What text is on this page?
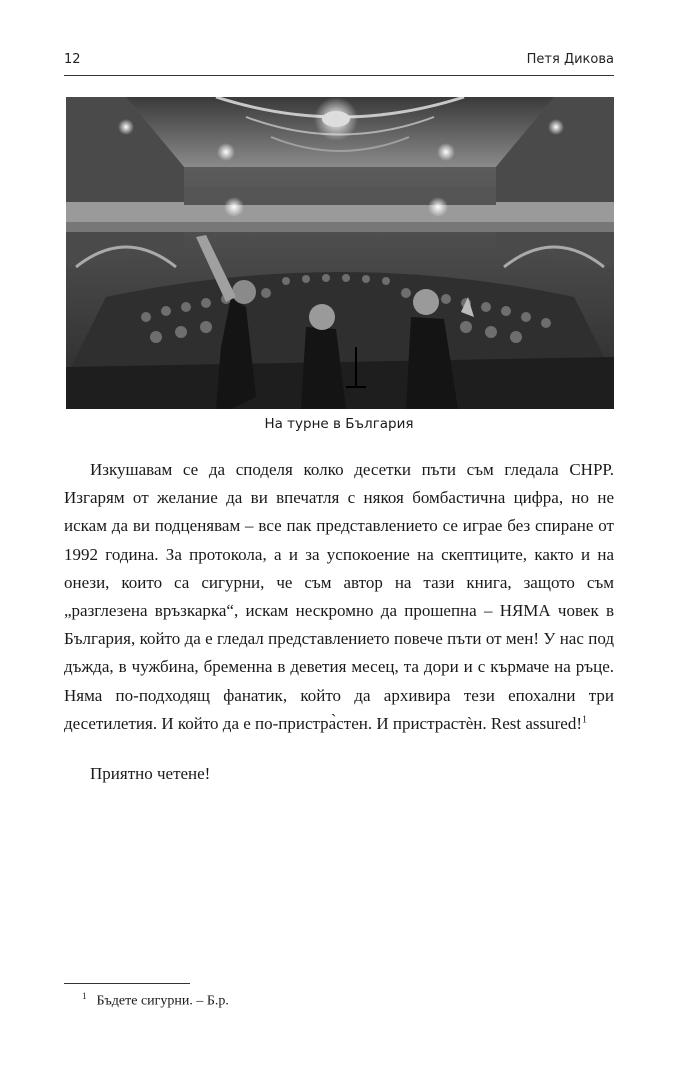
12	Петя Дикова
На турне в България

Изкушавам се да споделя колко десетки пъти съм гледала СНРР. Изгарям от желание да ви впечатля с някоя бомбастична цифра, но не искам да ви подценявам – все пак представлението се играе без спиране от 1992 година. За протокола, а и за успокоение на скептиците, както и на онези, които са сигурни, че съм автор на тази книга, защото съм „разглезена връзкарка“, искам нескромно да прошепна – НЯМА човек в България, който да е гледал представлението повече пъти от мен! У нас под дъжда, в чужбина, бременна в деветия месец, та дори и с кърмаче на ръце. Няма по-подходящ фанатик, който да архивира тези епохални три десетилетия. И който да е по-пристра̀стен. И пристрастѐн. Rest assured!$^1$

Приятно четене!

$^1$ Бъдете сигурни. – Б.р.
